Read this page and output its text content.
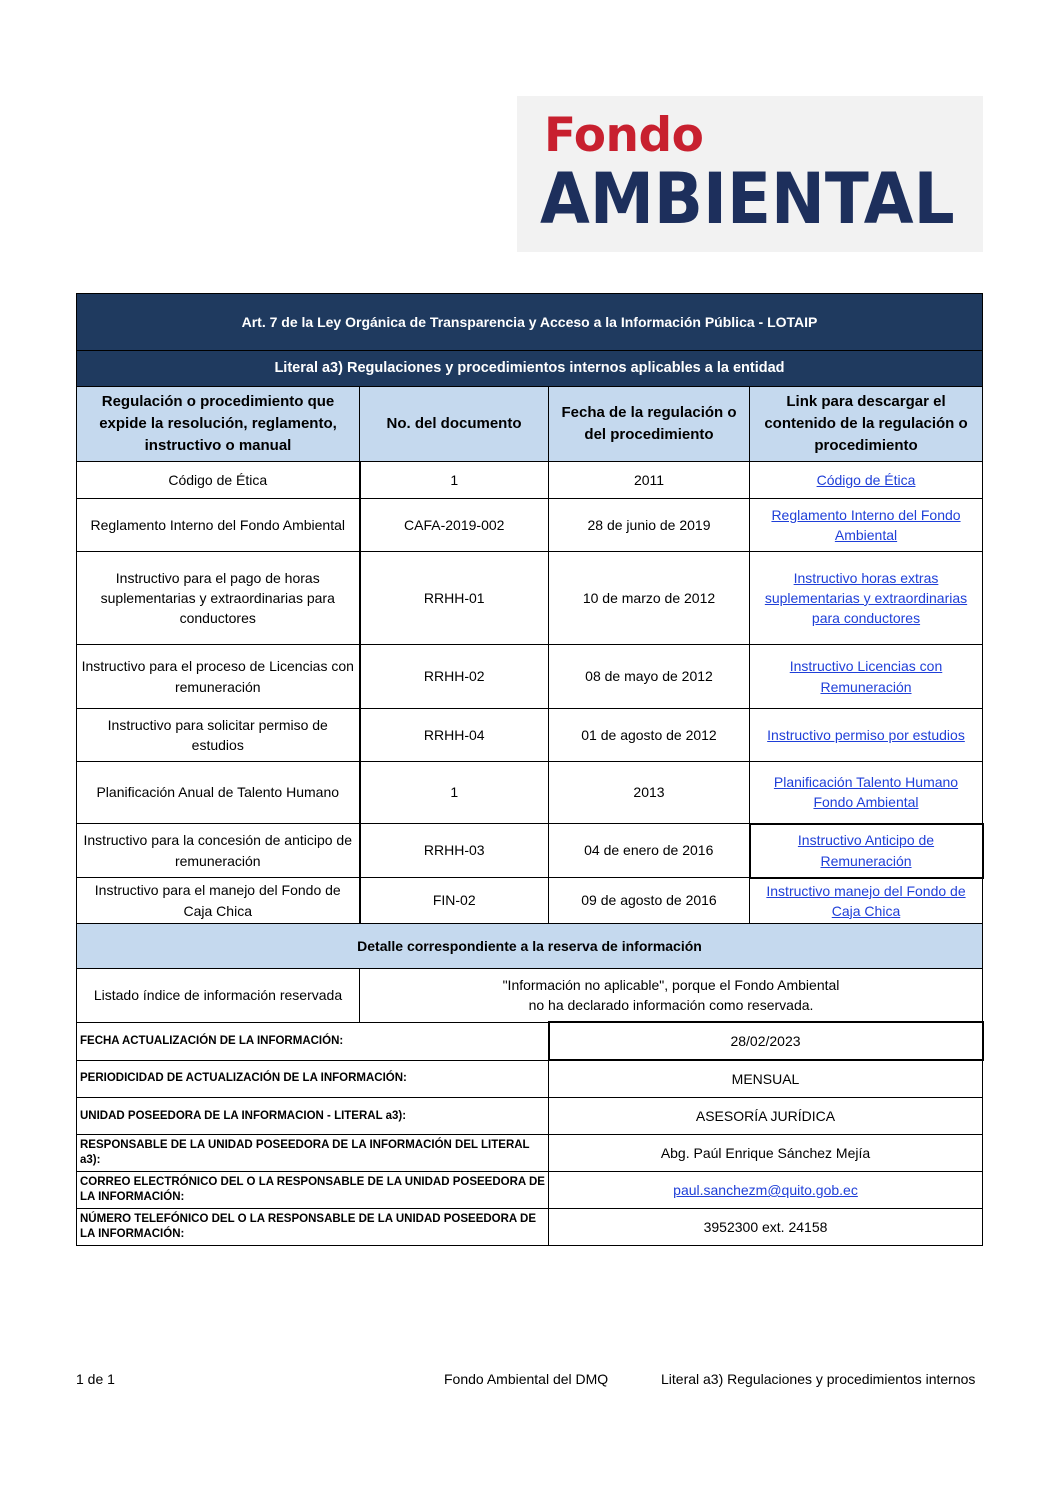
Fondo
AMBIENTAL
Art. 7 de la Ley Orgánica de Transparencia y Acceso a la Información Pública - LOTAIP			
Literal a3) Regulaciones y procedimientos internos aplicables a la entidad			
Regulación o procedimiento que expide la resolución, reglamento, instructivo o manual	No. del documento	Fecha de la regulación o del procedimiento	Link para descargar el contenido de la regulación o procedimiento
Código de Ética	1	2011	Código de Ética
Reglamento Interno del Fondo Ambiental	CAFA-2019-002	28 de junio de 2019	Reglamento Interno del Fondo Ambiental
Instructivo para el pago de horas suplementarias y extraordinarias para conductores	RRHH-01	10 de marzo de 2012	Instructivo horas extras suplementarias y extraordinarias para conductores
Instructivo para el proceso de Licencias con remuneración	RRHH-02	08 de mayo de 2012	Instructivo Licencias con Remuneración
Instructivo para solicitar permiso de estudios	RRHH-04	01 de agosto de 2012	Instructivo permiso por estudios
Planificación Anual de Talento Humano	1	2013	Planificación Talento Humano Fondo Ambiental
Instructivo para la concesión de anticipo de remuneración	RRHH-03	04 de enero de 2016	Instructivo Anticipo de Remuneración
Instructivo para el manejo del Fondo de Caja Chica	FIN-02	09 de agosto de 2016	Instructivo manejo del Fondo de Caja Chica
Detalle correspondiente a la reserva de información			
Listado índice de información reservada	"Información no aplicable", porque el Fondo Ambiental
no ha declarado información como reservada.		
FECHA ACTUALIZACIÓN DE LA INFORMACIÓN:		28/02/2023	
PERIODICIDAD DE ACTUALIZACIÓN DE LA INFORMACIÓN:		MENSUAL	
UNIDAD POSEEDORA DE LA INFORMACION - LITERAL a3):		ASESORÍA JURÍDICA	
RESPONSABLE DE LA UNIDAD POSEEDORA DE LA INFORMACIÓN DEL LITERAL a3):		Abg. Paúl Enrique Sánchez Mejía	
CORREO ELECTRÓNICO DEL O LA RESPONSABLE DE LA UNIDAD POSEEDORA DE LA INFORMACIÓN:		paul.sanchezm@quito.gob.ec	
NÚMERO TELEFÓNICO DEL O LA RESPONSABLE DE LA UNIDAD POSEEDORA DE LA INFORMACIÓN:		3952300 ext. 24158	
1 de 1	Fondo Ambiental del DMQ	Literal a3) Regulaciones y procedimientos internos
